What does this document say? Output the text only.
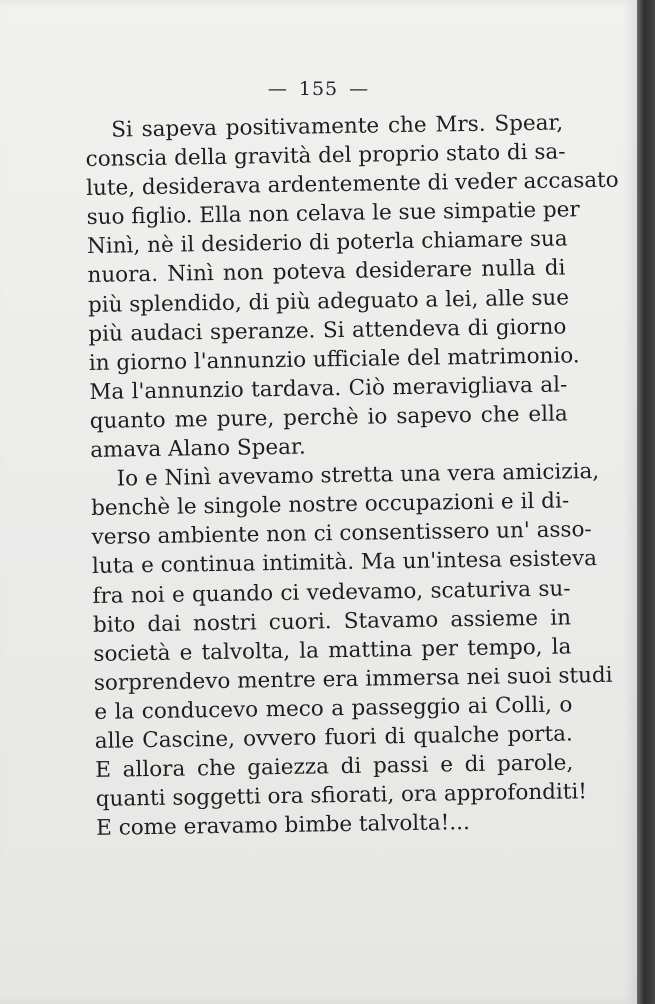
— 155 —
Si sapeva positivamente che Mrs. Spear,
conscia della gravità del proprio stato di sa-
lute, desiderava ardentemente di veder accasato
suo figlio. Ella non celava le sue simpatie per
Ninì, nè il desiderio di poterla chiamare sua
nuora. Ninì non poteva desiderare nulla di
più splendido, di più adeguato a lei, alle sue
più audaci speranze. Si attendeva di giorno
in giorno l'annunzio ufficiale del matrimonio.
Ma l'annunzio tardava. Ciò meravigliava al-
quanto me pure, perchè io sapevo che ella
amava Alano Spear.
Io e Ninì avevamo stretta una vera amicizia,
benchè le singole nostre occupazioni e il di-
verso ambiente non ci consentissero un' asso-
luta e continua intimità. Ma un'intesa esisteva
fra noi e quando ci vedevamo, scaturiva su-
bito dai nostri cuori. Stavamo assieme in
società e talvolta, la mattina per tempo, la
sorprendevo mentre era immersa nei suoi studi
e la conducevo meco a passeggio ai Colli, o
alle Cascine, ovvero fuori di qualche porta.
E allora che gaiezza di passi e di parole,
quanti soggetti ora sfiorati, ora approfonditi!
E come eravamo bimbe talvolta!...
